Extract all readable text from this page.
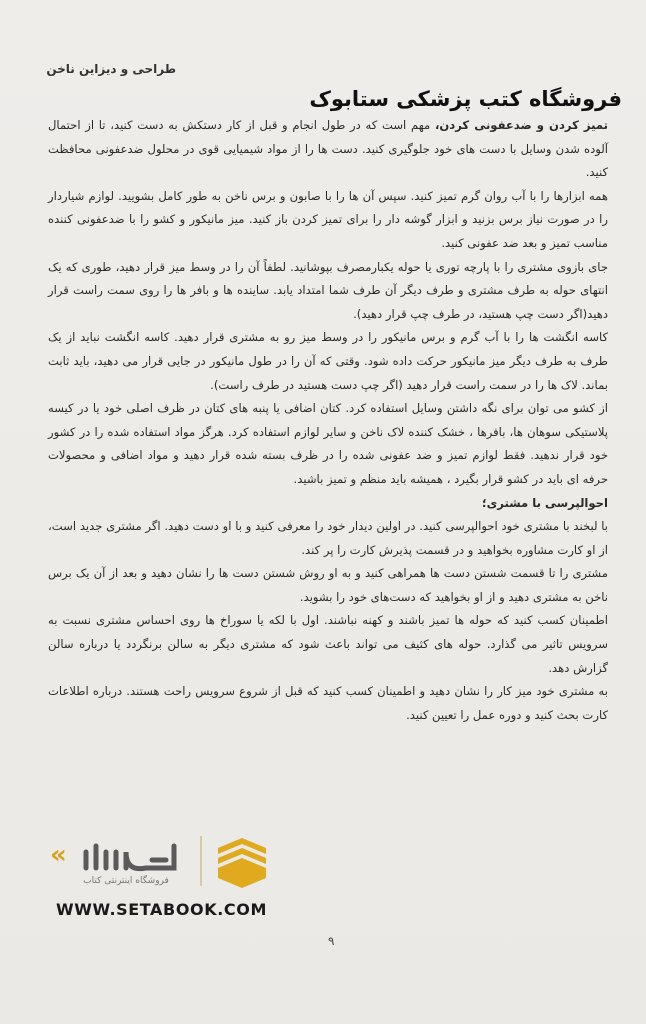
طراحی و دیزاین ناخن
فروشگاه کتب پزشکی ستابوک

تمیز کردن و ضدعفونی کردن، مهم است که در طول انجام و قبل از کار دستکش به دست کنید، تا از احتمال آلوده شدن وسایل با دست های خود جلوگیری کنید. دست ها را از مواد شیمیایی قوی در محلول ضدعفونی محافظت کنید.

همه ابزارها را با آب روان گرم تمیز کنید. سپس آن ها را با صابون و برس ناخن به طور کامل بشویید. لوازم شیاردار را در صورت نیاز برس بزنید و ابزار گوشه دار را برای تمیز کردن باز کنید. میز مانیکور و کشو را با ضدعفونی کننده مناسب تمیز و بعد ضد عفونی کنید.

جای بازوی مشتری را با پارچه توری یا حوله یکبارمصرف بپوشانید. لطفاً آن را در وسط میز قرار دهید، طوری که یک انتهای حوله به طرف مشتری و طرف دیگر آن طرف شما امتداد یابد. ساینده ها و بافر ها را روی سمت راست قرار دهید(اگر دست چپ هستید، در طرف چپ قرار دهید).

کاسه انگشت ها را با آب گرم و برس مانیکور را در وسط میز رو به مشتری قرار دهید. کاسه انگشت نباید از یک طرف به طرف دیگر میز مانیکور حرکت داده شود. وقتی که آن را در طول مانیکور در جایی قرار می دهید، باید ثابت بماند. لاک ها را در سمت راست قرار دهید (اگر چپ دست هستید در طرف راست).

از کشو می توان برای نگه داشتن وسایل استفاده کرد. کتان اضافی یا پنبه های کتان در ظرف اصلی خود یا در کیسه پلاستیکی سوهان ها، بافرها ، خشک کننده لاک ناخن و سایر لوازم استفاده کرد. هرگز مواد استفاده شده را در کشور خود قرار ندهید. فقط لوازم تمیز و ضد عفونی شده را در ظرف بسته شده قرار دهید و مواد اضافی و محصولات حرفه ای باید در کشو قرار بگیرد ، همیشه باید منظم و تمیز باشید.

احوالپرسی با مشتری؛

با لبخند با مشتری خود احوالپرسی کنید. در اولین دیدار خود را معرفی کنید و با او دست دهید. اگر مشتری جدید است، از او کارت مشاوره بخواهید و در قسمت پذیرش کارت را پر کند.

مشتری را تا قسمت شستن دست ها همراهی کنید و به او روش شستن دست ها را نشان دهید و بعد از آن یک برس ناخن به مشتری دهید و از او بخواهید که دست‌های خود را بشوید.

اطمینان کسب کنید که حوله ها تمیز باشند و کهنه نباشند. اول با لکه یا سوراخ ها روی احساس مشتری نسبت به سرویس تاثیر می گذارد. حوله های کثیف می تواند باعث شود که مشتری دیگر به سالن برنگردد یا درباره سالن گزارش دهد.

به مشتری خود میز کار را نشان دهید و اطمینان کسب کنید که قبل از شروع سرویس راحت هستند. درباره اطلاعات کارت بحث کنید و دوره عمل را تعیین کنید.

«
فروشگاه اینترنتی کتاب
WWW.SETABOOK.COM
۹
